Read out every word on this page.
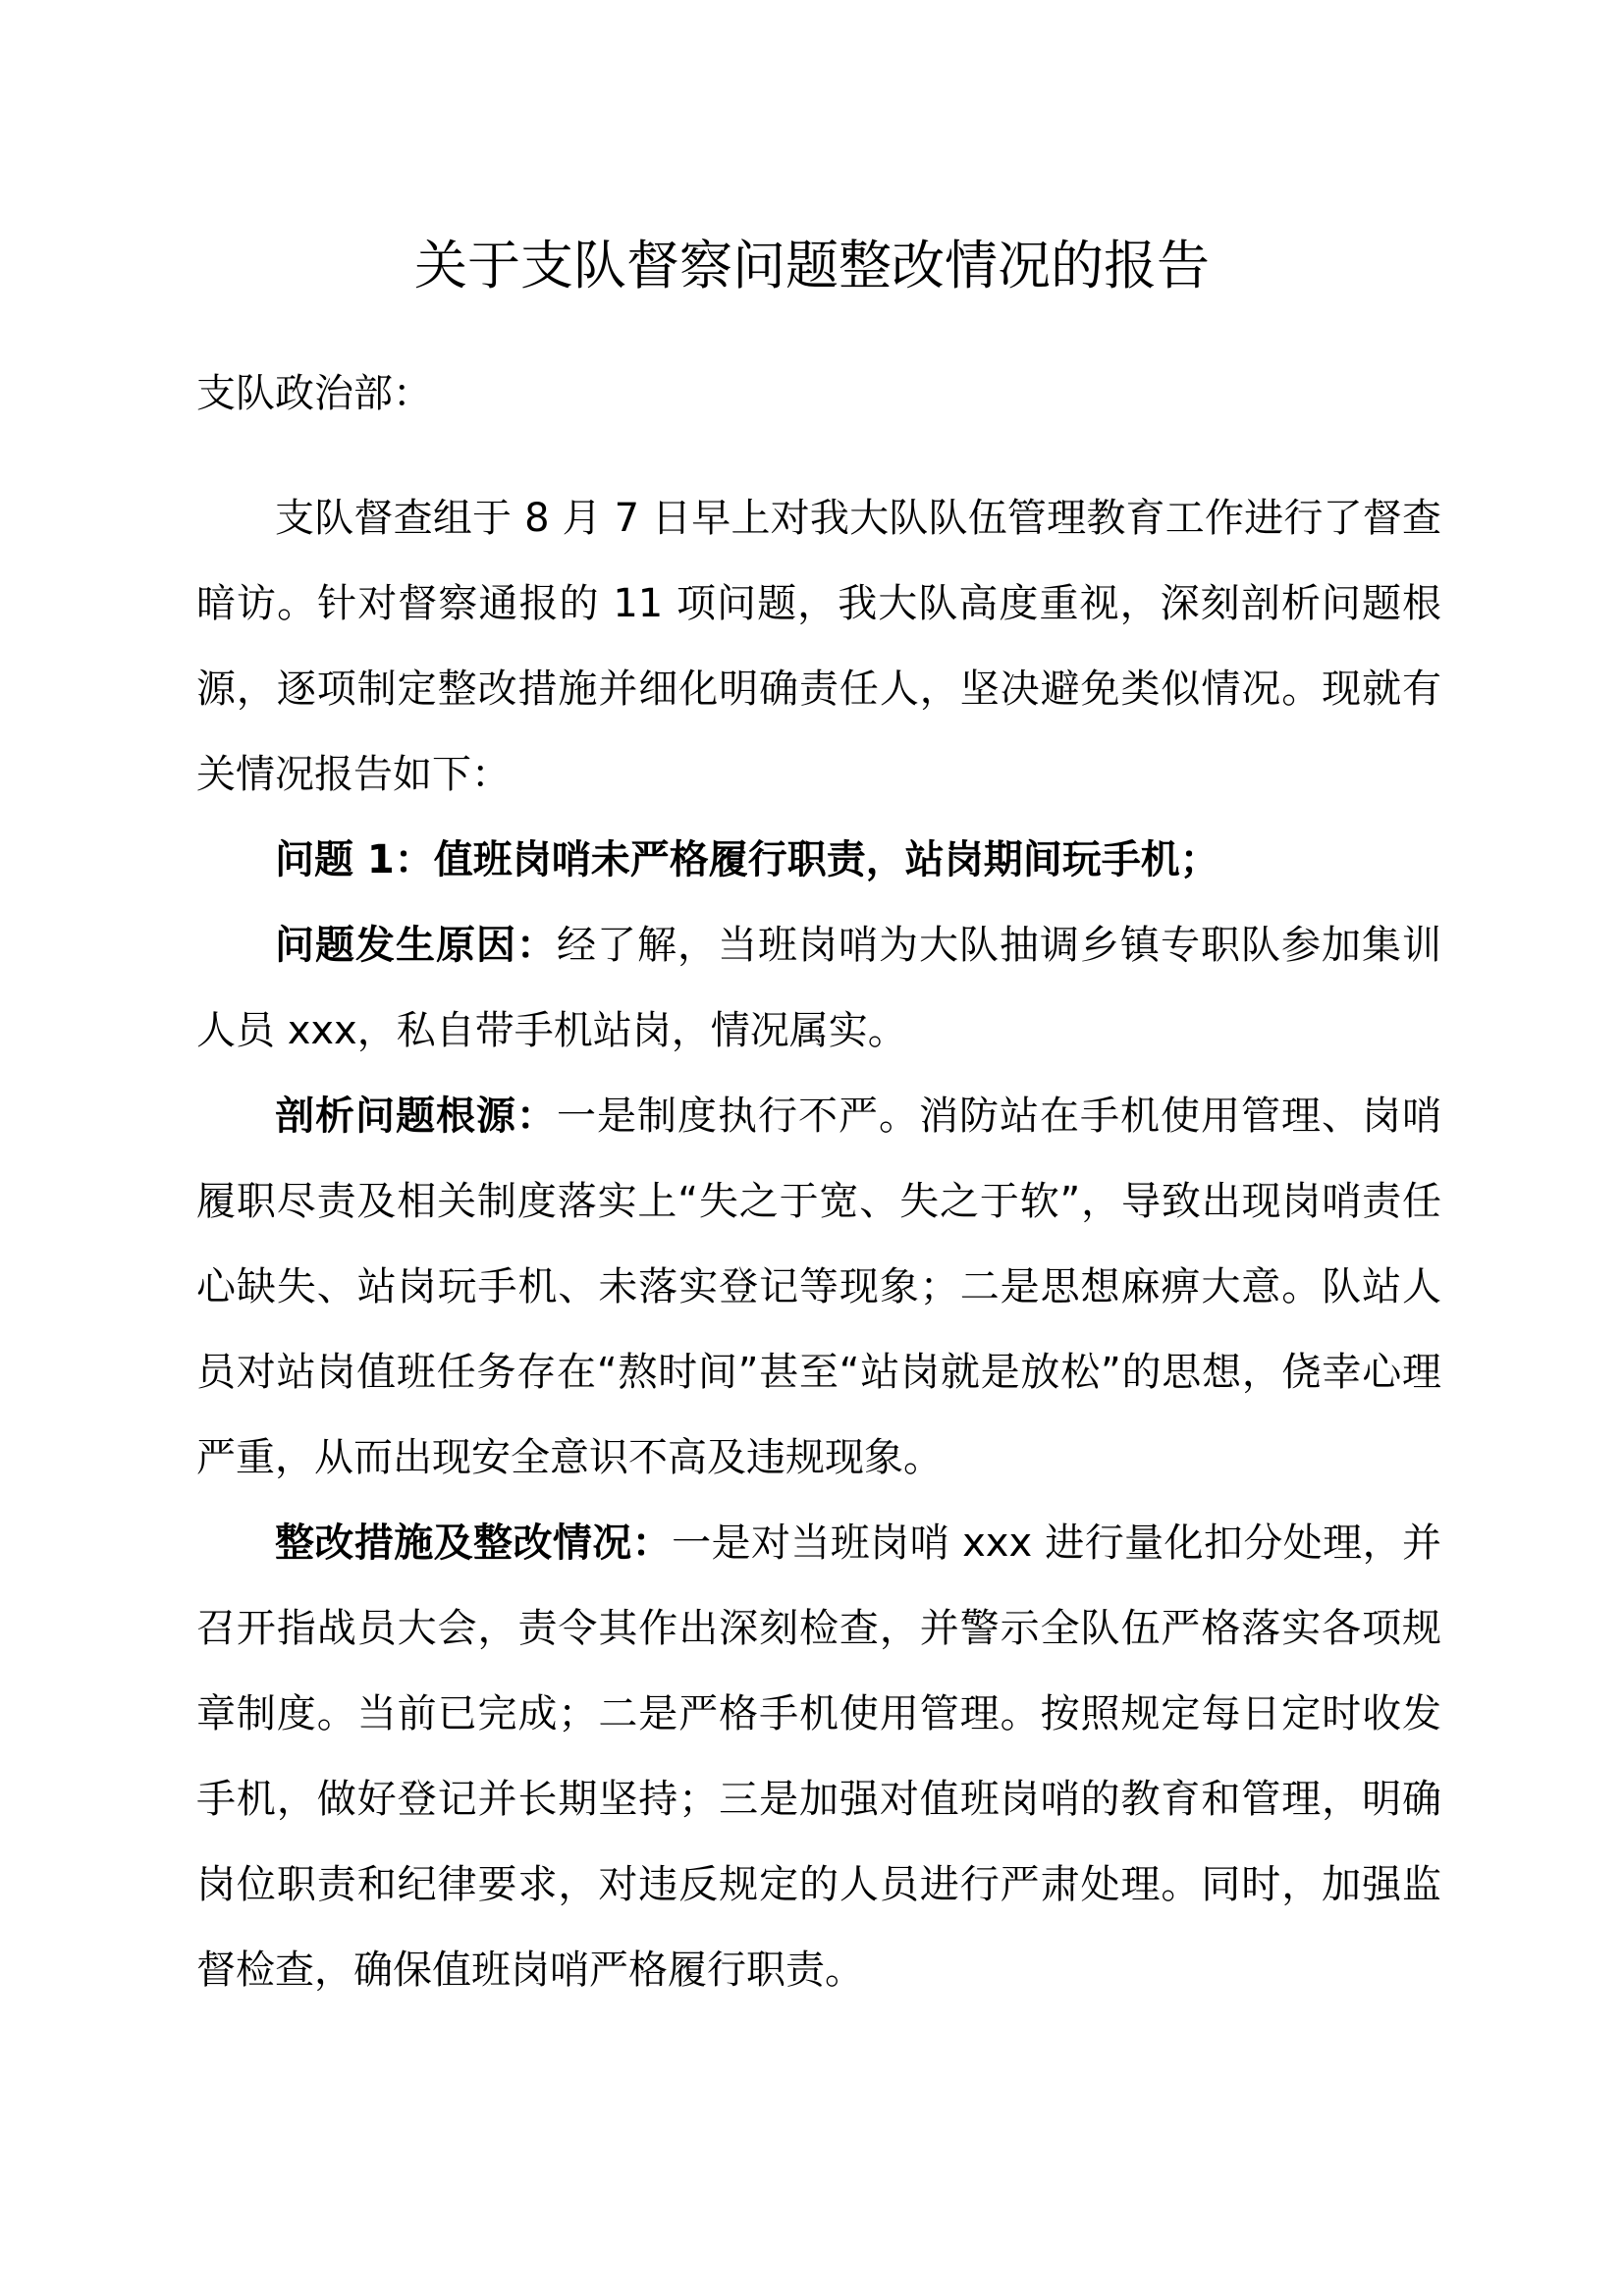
关于支队督察问题整改情况的报告
支队政治部：

支队督查组于 8 月 7 日早上对我大队队伍管理教育工作进行了督查暗访。针对督察通报的 11 项问题，我大队高度重视，深刻剖析问题根源，逐项制定整改措施并细化明确责任人，坚决避免类似情况。现就有关情况报告如下：

问题 1：值班岗哨未严格履行职责，站岗期间玩手机；

问题发生原因：经了解，当班岗哨为大队抽调乡镇专职队参加集训人员 xxx，私自带手机站岗，情况属实。

剖析问题根源：一是制度执行不严。消防站在手机使用管理、岗哨履职尽责及相关制度落实上“失之于宽、失之于软”，导致出现岗哨责任心缺失、站岗玩手机、未落实登记等现象；二是思想麻痹大意。队站人员对站岗值班任务存在“熬时间”甚至“站岗就是放松”的思想，侥幸心理严重，从而出现安全意识不高及违规现象。

整改措施及整改情况：一是对当班岗哨 xxx 进行量化扣分处理，并召开指战员大会，责令其作出深刻检查，并警示全队伍严格落实各项规章制度。当前已完成；二是严格手机使用管理。按照规定每日定时收发手机，做好登记并长期坚持；三是加强对值班岗哨的教育和管理，明确岗位职责和纪律要求，对违反规定的人员进行严肃处理。同时，加强监督检查，确保值班岗哨严格履行职责。
